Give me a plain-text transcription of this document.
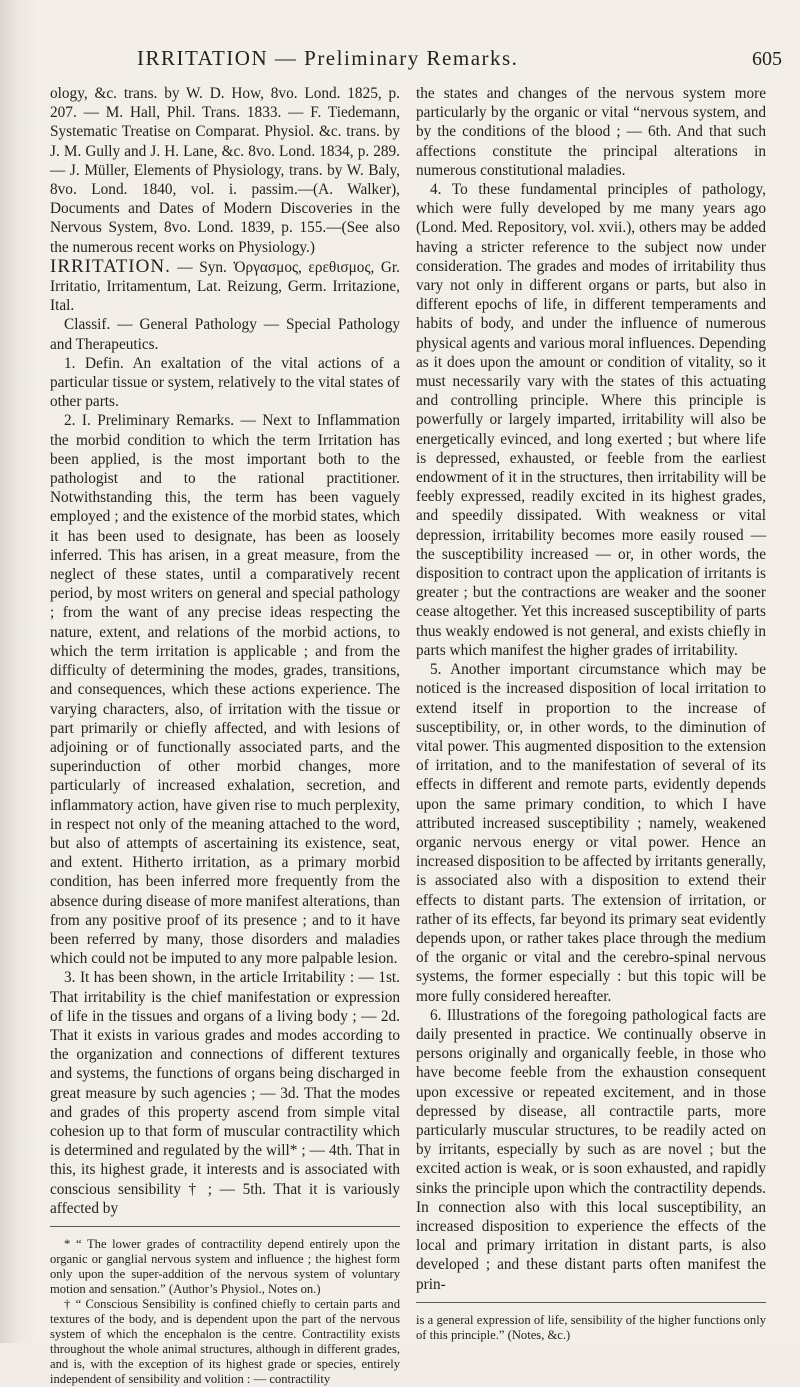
IRRITATION — Preliminary Remarks.	605

ology, &c. trans. by W. D. How, 8vo. Lond. 1825, p. 207. — M. Hall, Phil. Trans. 1833. — F. Tiedemann, Systematic Treatise on Comparat. Physiol. &c. trans. by J. M. Gully and J. H. Lane, &c. 8vo. Lond. 1834, p. 289. — J. Müller, Elements of Physiology, trans. by W. Baly, 8vo. Lond. 1840, vol. i. passim.—(A. Walker), Documents and Dates of Modern Discoveries in the Nervous System, 8vo. Lond. 1839, p. 155.—(See also the numerous recent works on Physiology.)

IRRITATION. — Syn. Ὀργασμος, ερεθισμος, Gr. Irritatio, Irritamentum, Lat. Reizung, Germ. Irritazione, Ital.

Classif. — General Pathology — Special Pathology and Therapeutics.

1. Defin. An exaltation of the vital actions of a particular tissue or system, relatively to the vital states of other parts.

2. I. Preliminary Remarks. — Next to Inflammation the morbid condition to which the term Irritation has been applied, is the most important both to the pathologist and to the rational practitioner. Notwithstanding this, the term has been vaguely employed ; and the existence of the morbid states, which it has been used to designate, has been as loosely inferred. This has arisen, in a great measure, from the neglect of these states, until a comparatively recent period, by most writers on general and special pathology ; from the want of any precise ideas respecting the nature, extent, and relations of the morbid actions, to which the term irritation is applicable ; and from the difficulty of determining the modes, grades, transitions, and consequences, which these actions experience. The varying characters, also, of irritation with the tissue or part primarily or chiefly affected, and with lesions of adjoining or of functionally associated parts, and the superinduction of other morbid changes, more particularly of increased exhalation, secretion, and inflammatory action, have given rise to much perplexity, in respect not only of the meaning attached to the word, but also of attempts of ascertaining its existence, seat, and extent. Hitherto irritation, as a primary morbid condition, has been inferred more frequently from the absence during disease of more manifest alterations, than from any positive proof of its presence ; and to it have been referred by many, those disorders and maladies which could not be imputed to any more palpable lesion.

3. It has been shown, in the article Irritability : — 1st. That irritability is the chief manifestation or expression of life in the tissues and organs of a living body ; — 2d. That it exists in various grades and modes according to the organization and connections of different textures and systems, the functions of organs being discharged in great measure by such agencies ; — 3d. That the modes and grades of this property ascend from simple vital cohesion up to that form of muscular contractility which is determined and regulated by the will* ; — 4th. That in this, its highest grade, it interests and is associated with conscious sensibility † ; — 5th. That it is variously affected by

* “ The lower grades of contractility depend entirely upon the organic or ganglial nervous system and influence ; the highest form only upon the super-addition of the nervous system of voluntary motion and sensation.” (Author’s Physiol., Notes on.)

† “ Conscious Sensibility is confined chiefly to certain parts and textures of the body, and is dependent upon the part of the nervous system of which the encephalon is the centre. Contractility exists throughout the whole animal structures, although in different grades, and is, with the exception of its highest grade or species, entirely independent of sensibility and volition : — contractility

the states and changes of the nervous system more particularly by the organic or vital “nervous system, and by the conditions of the blood ; — 6th. And that such affections constitute the principal alterations in numerous constitutional maladies.

4. To these fundamental principles of pathology, which were fully developed by me many years ago (Lond. Med. Repository, vol. xvii.), others may be added having a stricter reference to the subject now under consideration. The grades and modes of irritability thus vary not only in different organs or parts, but also in different epochs of life, in different temperaments and habits of body, and under the influence of numerous physical agents and various moral influences. Depending as it does upon the amount or condition of vitality, so it must necessarily vary with the states of this actuating and controlling principle. Where this principle is powerfully or largely imparted, irritability will also be energetically evinced, and long exerted ; but where life is depressed, exhausted, or feeble from the earliest endowment of it in the structures, then irritability will be feebly expressed, readily excited in its highest grades, and speedily dissipated. With weakness or vital depression, irritability becomes more easily roused — the susceptibility increased — or, in other words, the disposition to contract upon the application of irritants is greater ; but the contractions are weaker and the sooner cease altogether. Yet this increased susceptibility of parts thus weakly endowed is not general, and exists chiefly in parts which manifest the higher grades of irritability.

5. Another important circumstance which may be noticed is the increased disposition of local irritation to extend itself in proportion to the increase of susceptibility, or, in other words, to the diminution of vital power. This augmented disposition to the extension of irritation, and to the manifestation of several of its effects in different and remote parts, evidently depends upon the same primary condition, to which I have attributed increased susceptibility ; namely, weakened organic nervous energy or vital power. Hence an increased disposition to be affected by irritants generally, is associated also with a disposition to extend their effects to distant parts. The extension of irritation, or rather of its effects, far beyond its primary seat evidently depends upon, or rather takes place through the medium of the organic or vital and the cerebro-spinal nervous systems, the former especially : but this topic will be more fully considered hereafter.

6. Illustrations of the foregoing pathological facts are daily presented in practice. We continually observe in persons originally and organically feeble, in those who have become feeble from the exhaustion consequent upon excessive or repeated excitement, and in those depressed by disease, all contractile parts, more particularly muscular structures, to be readily acted on by irritants, especially by such as are novel ; but the excited action is weak, or is soon exhausted, and rapidly sinks the principle upon which the contractility depends. In connection also with this local susceptibility, an increased disposition to experience the effects of the local and primary irritation in distant parts, is also developed ; and these distant parts often manifest the prin-

is a general expression of life, sensibility of the higher functions only of this principle.” (Notes, &c.)
